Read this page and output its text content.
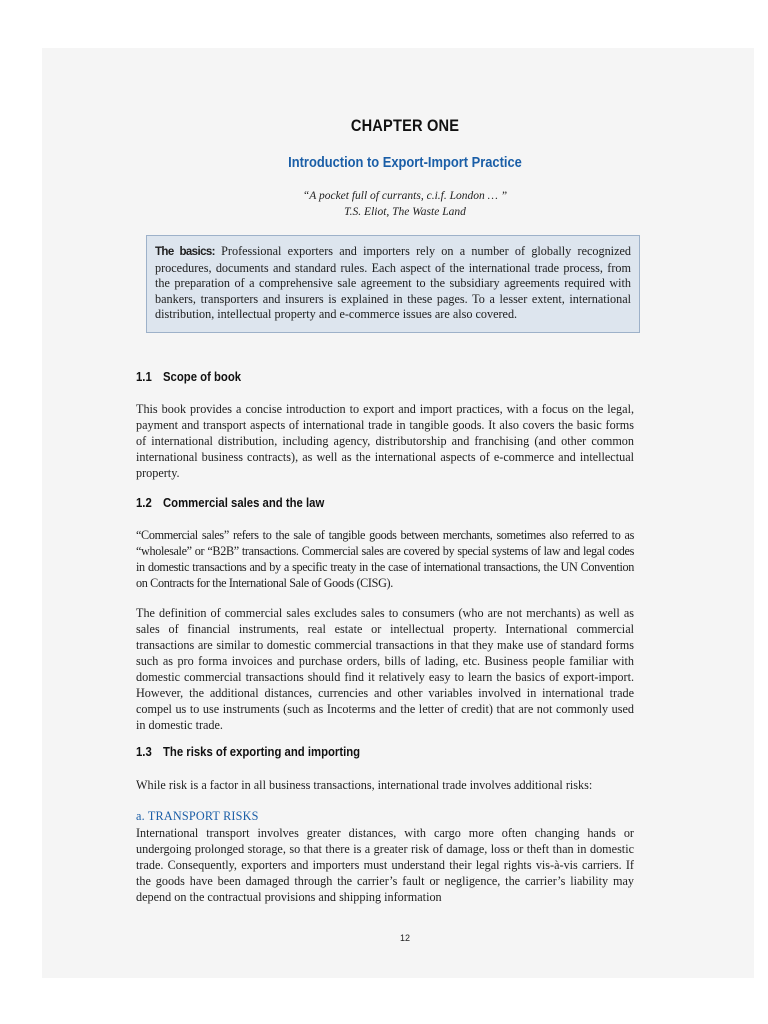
CHAPTER ONE
Introduction to Export-Import Practice
“A pocket full of currants, c.i.f. London … ”
T.S. Eliot, The Waste Land
The basics: Professional exporters and importers rely on a number of globally recognized procedures, documents and standard rules. Each aspect of the international trade process, from the preparation of a comprehensive sale agreement to the subsidiary agreements required with bankers, transporters and insurers is explained in these pages. To a lesser extent, international distribution, intellectual property and e-commerce issues are also covered.
1.1 Scope of book

This book provides a concise introduction to export and import practices, with a focus on the legal, payment and transport aspects of international trade in tangible goods. It also covers the basic forms of international distribution, including agency, distributorship and franchising (and other common international business contracts), as well as the international aspects of e-commerce and intellectual property.

1.2 Commercial sales and the law

“Commercial sales” refers to the sale of tangible goods between merchants, sometimes also referred to as “wholesale” or “B2B” transactions. Commercial sales are covered by special systems of law and legal codes in domestic transactions and by a specific treaty in the case of international transactions, the UN Convention on Contracts for the International Sale of Goods (CISG).

The definition of commercial sales excludes sales to consumers (who are not merchants) as well as sales of financial instruments, real estate or intellectual property. International commercial transactions are similar to domestic commercial transactions in that they make use of standard forms such as pro forma invoices and purchase orders, bills of lading, etc. Business people familiar with domestic commercial transactions should find it relatively easy to learn the basics of export-import. However, the additional distances, currencies and other variables involved in international trade compel us to use instruments (such as Incoterms and the letter of credit) that are not commonly used in domestic trade.

1.3 The risks of exporting and importing

While risk is a factor in all business transactions, international trade involves additional risks:

a. TRANSPORT RISKS

International transport involves greater distances, with cargo more often changing hands or undergoing prolonged storage, so that there is a greater risk of damage, loss or theft than in domestic trade. Consequently, exporters and importers must understand their legal rights vis-à-vis carriers. If the goods have been damaged through the carrier’s fault or negligence, the carrier’s liability may depend on the contractual provisions and shipping information

12
